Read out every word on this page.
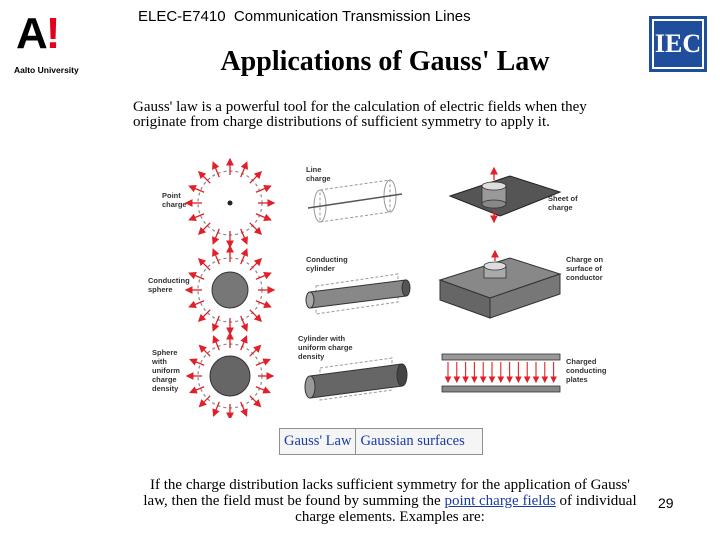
ELEC-E7410  Communication Transmission Lines
A!
Aalto University
IEC
Applications of Gauss' Law
Gauss' law is a powerful tool for the calculation of electric fields when they originate from charge distributions of sufficient symmetry to apply it.
Point charge
Conducting sphere
Sphere with uniform charge density
Line charge
Conducting cylinder
Cylinder with uniform charge density
Sheet of charge
Charge on surface of conductor
Charged conducting plates
Gauss' Law Gaussian surfaces
If the charge distribution lacks sufficient symmetry for the application of Gauss' law, then the field must be found by summing the point charge fields of individual charge elements. Examples are:
29
